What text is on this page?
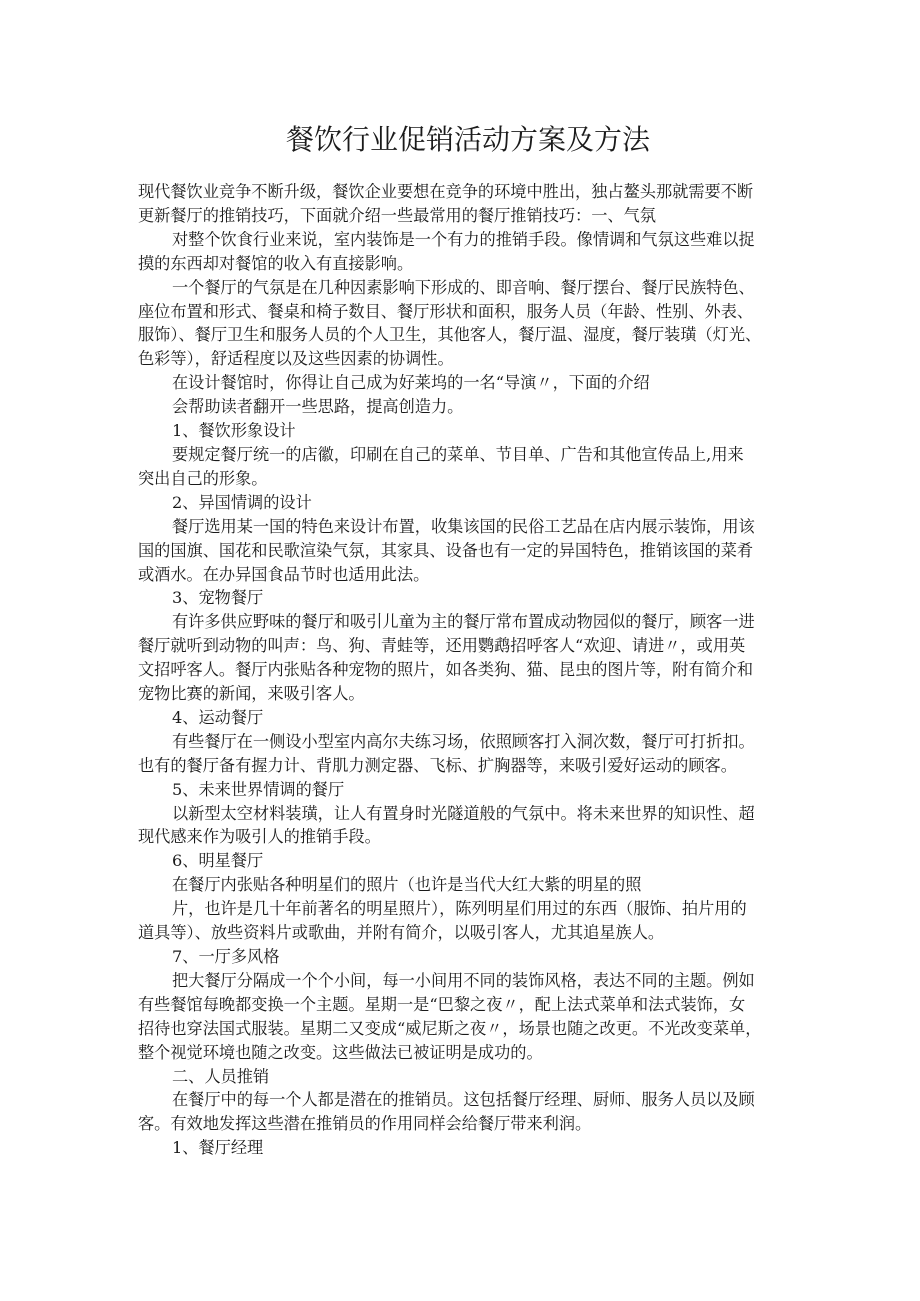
餐饮行业促销活动方案及方法
现代餐饮业竞争不断升级，餐饮企业要想在竞争的环境中胜出，独占鳌头那就需要不断
更新餐厅的推销技巧，下面就介绍一些最常用的餐厅推销技巧：一、气氛
对整个饮食行业来说，室内装饰是一个有力的推销手段。像情调和气氛这些难以捉
摸的东西却对餐馆的收入有直接影响。
一个餐厅的气氛是在几种因素影响下形成的、即音响、餐厅摆台、餐厅民族特色、
座位布置和形式、餐桌和椅子数目、餐厅形状和面积，服务人员（年龄、性别、外表、
服饰）、餐厅卫生和服务人员的个人卫生，其他客人，餐厅温、湿度，餐厅装璜（灯光、
色彩等），舒适程度以及这些因素的协调性。
在设计餐馆时，你得让自己成为好莱坞的一名“导演〃，下面的介绍
会帮助读者翻开一些思路，提高创造力。
1、餐饮形象设计
要规定餐厅统一的店徽，印刷在自己的菜单、节目单、广告和其他宣传品上,用来
突出自己的形象。
2、异国情调的设计
餐厅选用某一国的特色来设计布置，收集该国的民俗工艺品在店内展示装饰，用该
国的国旗、国花和民歌渲染气氛，其家具、设备也有一定的异国特色，推销该国的菜肴
或酒水。在办异国食品节时也适用此法。
3、宠物餐厅
有许多供应野味的餐厅和吸引儿童为主的餐厅常布置成动物园似的餐厅，顾客一进
餐厅就听到动物的叫声：鸟、狗、青蛙等，还用鹦鹉招呼客人“欢迎、请进〃，或用英
文招呼客人。餐厅内张贴各种宠物的照片，如各类狗、猫、昆虫的图片等，附有简介和
宠物比赛的新闻，来吸引客人。
4、运动餐厅
有些餐厅在一侧设小型室内高尔夫练习场，依照顾客打入洞次数，餐厅可打折扣。
也有的餐厅备有握力计、背肌力测定器、飞标、扩胸器等，来吸引爱好运动的顾客。
5、未来世界情调的餐厅
以新型太空材料装璜，让人有置身时光隧道般的气氛中。将未来世界的知识性、超
现代感来作为吸引人的推销手段。
6、明星餐厅
在餐厅内张贴各种明星们的照片（也许是当代大红大紫的明星的照
片，也许是几十年前著名的明星照片），陈列明星们用过的东西（服饰、拍片用的
道具等）、放些资料片或歌曲，并附有简介，以吸引客人，尤其追星族人。
7、一厅多风格
把大餐厅分隔成一个个小间，每一小间用不同的装饰风格，表达不同的主题。例如
有些餐馆每晚都变换一个主题。星期一是“巴黎之夜〃，配上法式菜单和法式装饰，女
招待也穿法国式服装。星期二又变成“威尼斯之夜〃，场景也随之改更。不光改变菜单，
整个视觉环境也随之改变。这些做法已被证明是成功的。
二、人员推销
在餐厅中的每一个人都是潜在的推销员。这包括餐厅经理、厨师、服务人员以及顾
客。有效地发挥这些潜在推销员的作用同样会给餐厅带来利润。
1、餐厅经理
